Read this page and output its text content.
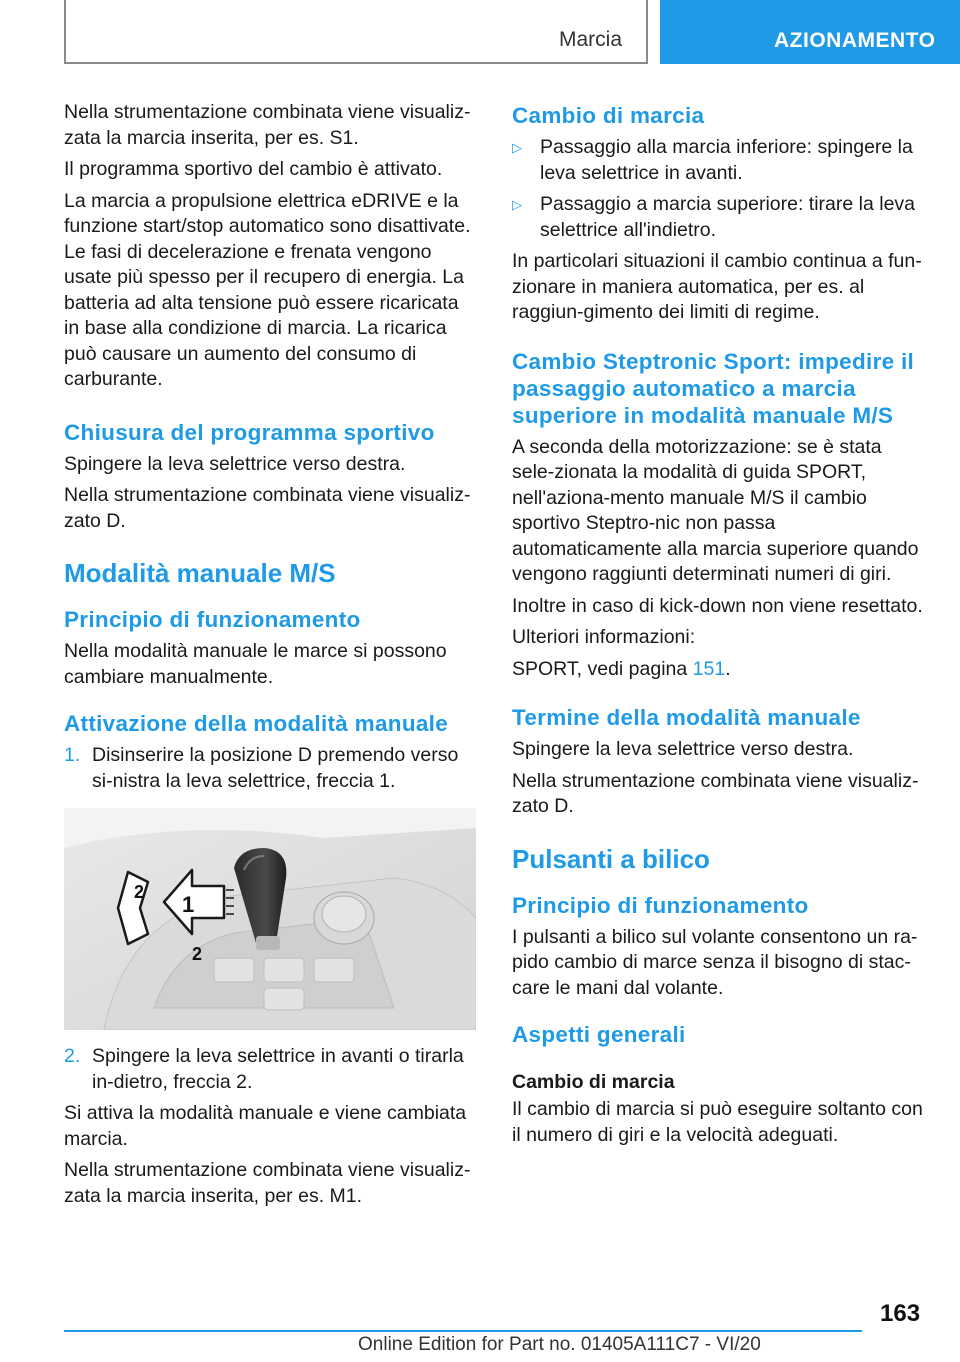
Marcia	AZIONAMENTO

Nella strumentazione combinata viene visualiz-zata la marcia inserita, per es. S1.

Il programma sportivo del cambio è attivato.

La marcia a propulsione elettrica eDRIVE e la funzione start/stop automatico sono disattivate. Le fasi di decelerazione e frenata vengono usate più spesso per il recupero di energia. La batteria ad alta tensione può essere ricaricata in base alla condizione di marcia. La ricarica può causare un aumento del consumo di carburante.

Chiusura del programma sportivo

Spingere la leva selettrice verso destra.

Nella strumentazione combinata viene visualiz-zato D.

Modalità manuale M/S
Principio di funzionamento

Nella modalità manuale le marce si possono cambiare manualmente.

Attivazione della modalità manuale
1. Disinserire la posizione D premendo verso si-nistra la leva selettrice, freccia 1.
1
2
2
2. Spingere la leva selettrice in avanti o tirarla in-dietro, freccia 2.

Si attiva la modalità manuale e viene cambiata marcia.

Nella strumentazione combinata viene visualiz-zata la marcia inserita, per es. M1.

Cambio di marcia
▷ Passaggio alla marcia inferiore: spingere la leva selettrice in avanti.
▷ Passaggio a marcia superiore: tirare la leva selettrice all'indietro.

In particolari situazioni il cambio continua a fun-zionare in maniera automatica, per es. al raggiun-gimento dei limiti di regime.

Cambio Steptronic Sport: impedire il passaggio automatico a marcia superiore in modalità manuale M/S

A seconda della motorizzazione: se è stata sele-zionata la modalità di guida SPORT, nell'aziona-mento manuale M/S il cambio sportivo Steptro-nic non passa automaticamente alla marcia superiore quando vengono raggiunti determinati numeri di giri.

Inoltre in caso di kick-down non viene resettato.

Ulteriori informazioni:

SPORT, vedi pagina 151.

Termine della modalità manuale

Spingere la leva selettrice verso destra.

Nella strumentazione combinata viene visualiz-zato D.

Pulsanti a bilico
Principio di funzionamento

I pulsanti a bilico sul volante consentono un ra-pido cambio di marce senza il bisogno di stac-care le mani dal volante.

Aspetti generali
Cambio di marcia

Il cambio di marcia si può eseguire soltanto con il numero di giri e la velocità adeguati.

163
Online Edition for Part no. 01405A111C7 - VI/20
